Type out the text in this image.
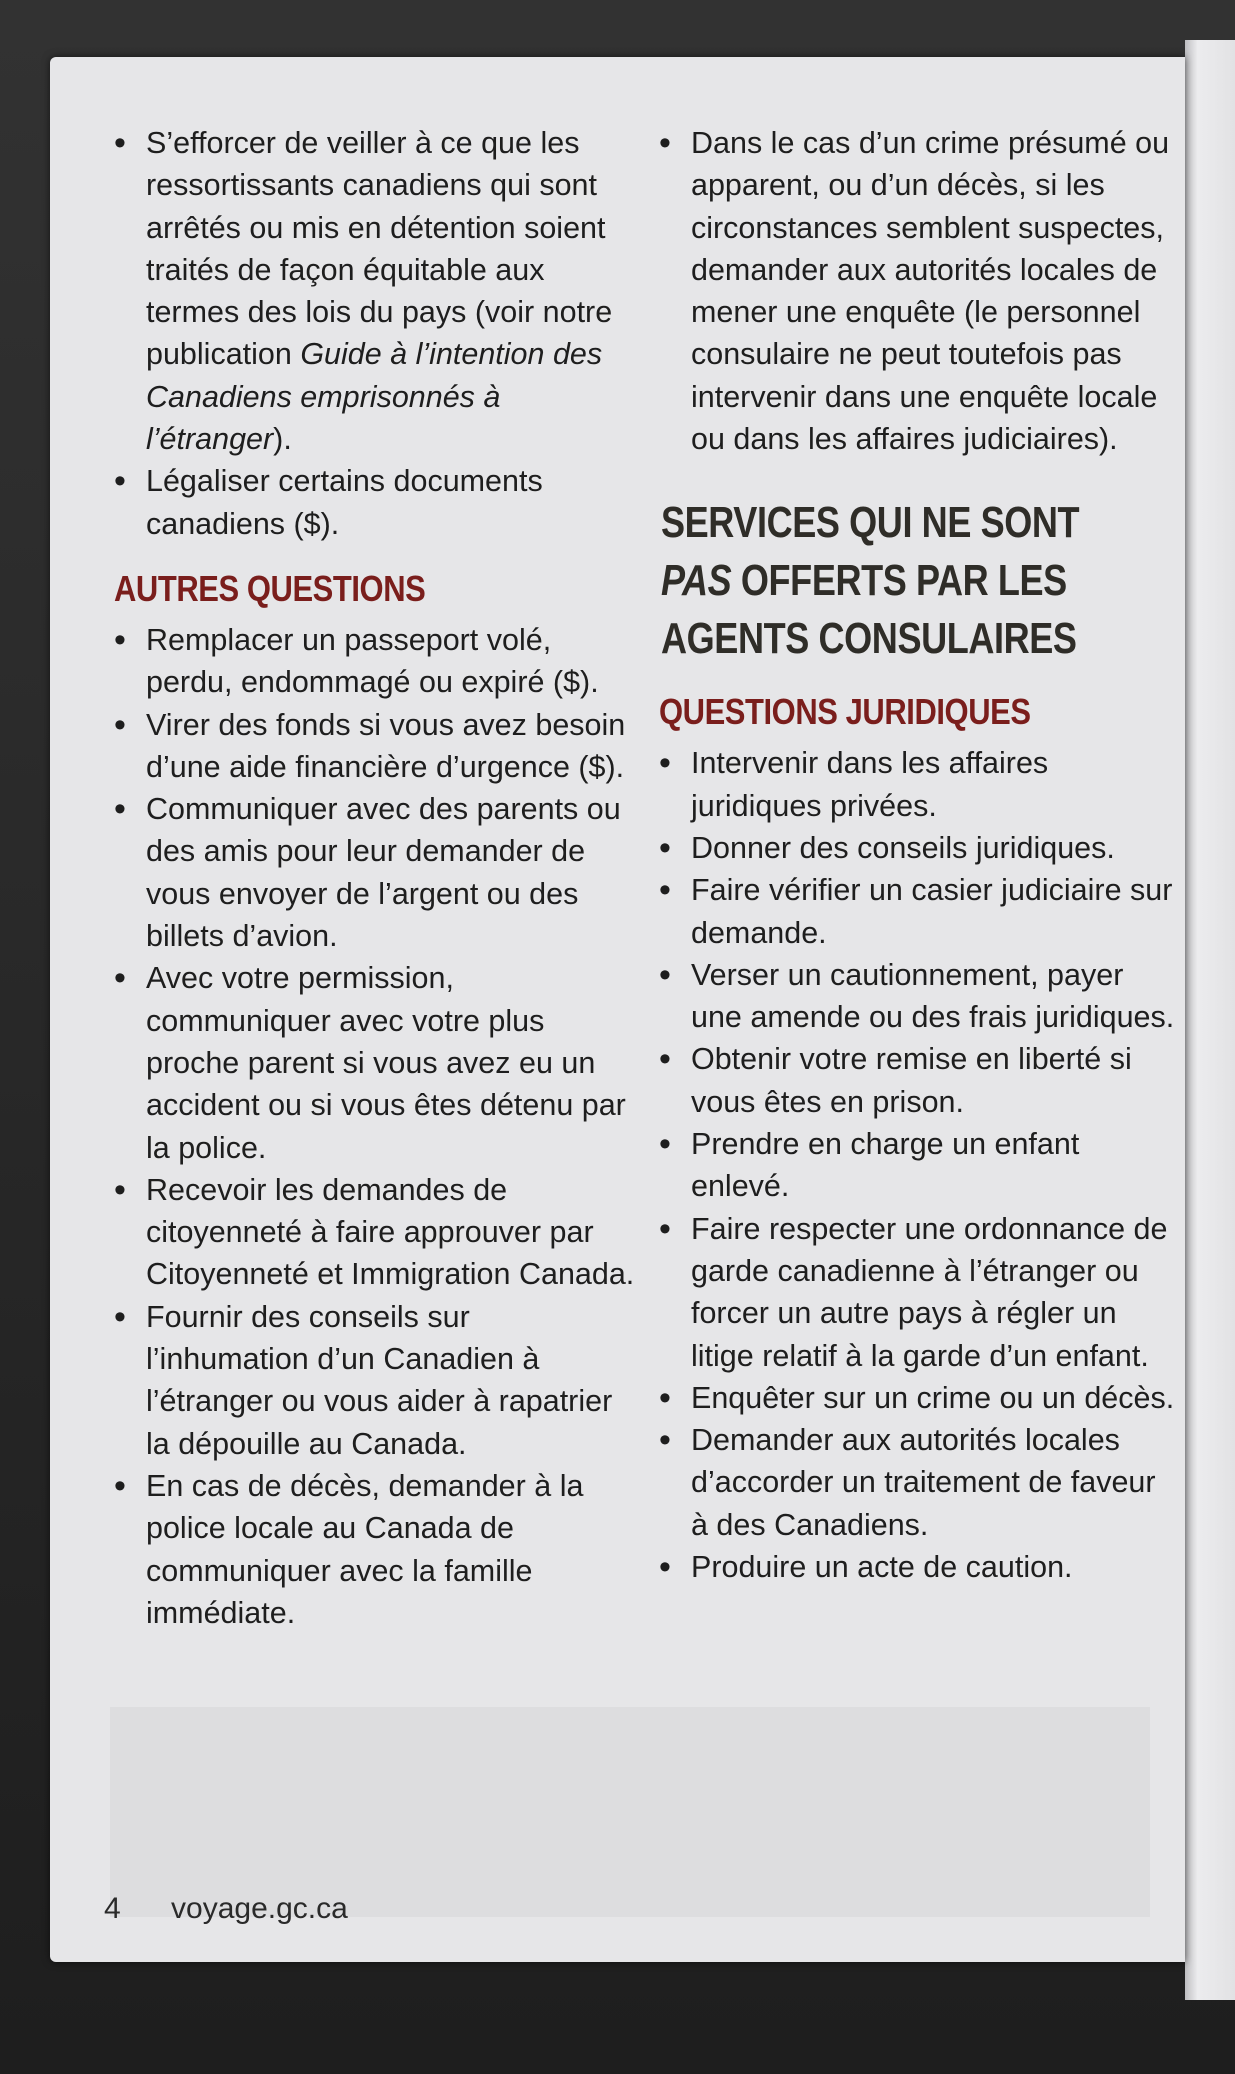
• S’efforcer de veiller à ce que les ressortissants canadiens qui sont arrêtés ou mis en détention soient traités de façon équitable aux termes des lois du pays (voir notre publication Guide à l’intention des Canadiens emprisonnés à l’étranger).
• Légaliser certains documents canadiens ($).
AUTRES QUESTIONS
• Remplacer un passeport volé, perdu, endommagé ou expiré ($).
• Virer des fonds si vous avez besoin d’une aide financière d’urgence ($).
• Communiquer avec des parents ou des amis pour leur demander de vous envoyer de l’argent ou des billets d’avion.
• Avec votre permission, communiquer avec votre plus proche parent si vous avez eu un accident ou si vous êtes détenu par la police.
• Recevoir les demandes de citoyenneté à faire approuver par Citoyenneté et Immigration Canada.
• Fournir des conseils sur l’inhumation d’un Canadien à l’étranger ou vous aider à rapatrier la dépouille au Canada.
• En cas de décès, demander à la police locale au Canada de communiquer avec la famille immédiate.
• Dans le cas d’un crime présumé ou apparent, ou d’un décès, si les circonstances semblent suspectes, demander aux autorités locales de mener une enquête (le personnel consulaire ne peut toutefois pas intervenir dans une enquête locale ou dans les affaires judiciaires).
SERVICES QUI NE SONT
PAS OFFERTS PAR LES
AGENTS CONSULAIRES
QUESTIONS JURIDIQUES
• Intervenir dans les affaires juridiques privées.
• Donner des conseils juridiques.
• Faire vérifier un casier judiciaire sur demande.
• Verser un cautionnement, payer une amende ou des frais juridiques.
• Obtenir votre remise en liberté si vous êtes en prison.
• Prendre en charge un enfant enlevé.
• Faire respecter une ordonnance de garde canadienne à l’étranger ou forcer un autre pays à régler un litige relatif à la garde d’un enfant.
• Enquêter sur un crime ou un décès.
• Demander aux autorités locales d’accorder un traitement de faveur à des Canadiens.
• Produire un acte de caution.
4 voyage.gc.ca
